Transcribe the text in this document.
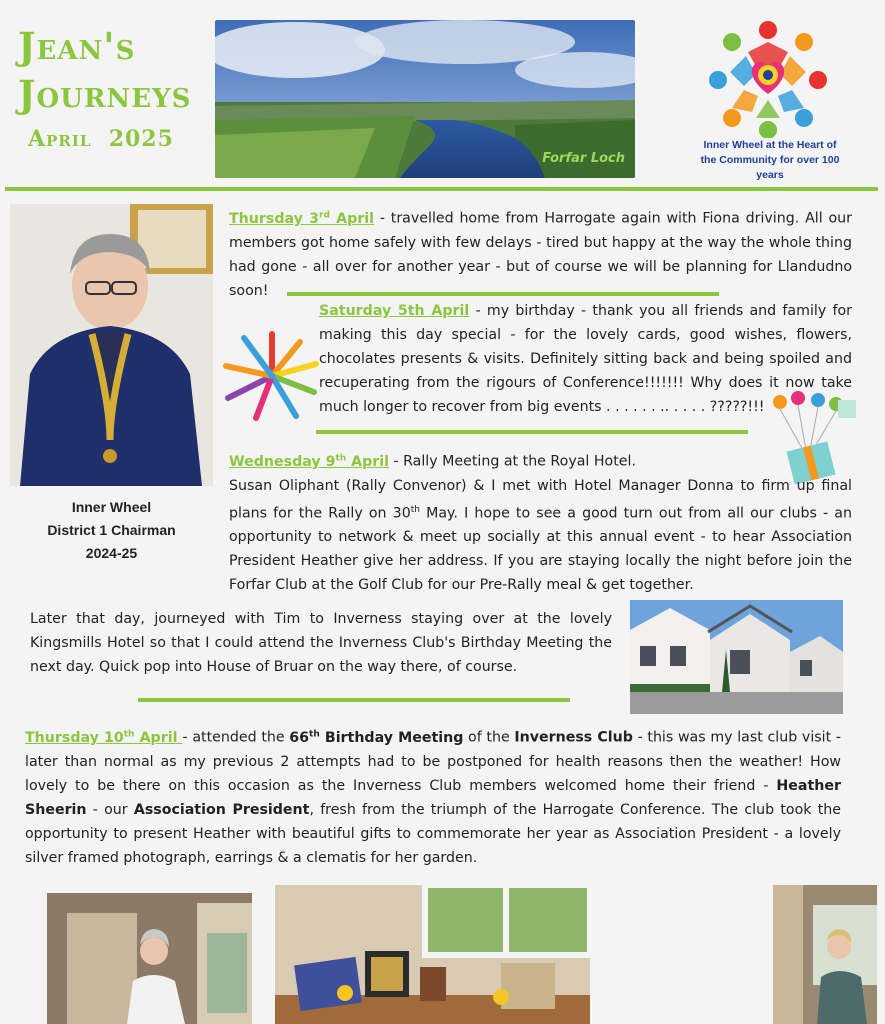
Jean's
Journeys
April  2025
Forfar Loch
Inner Wheel at the Heart of
the Community for over 100 years
Inner Wheel
District 1 Chairman
2024-25
Thursday 3rd April - travelled home from Harrogate again with Fiona driving. All our members got home safely with few delays - tired but happy at the way the whole thing had gone - all over for another year - but of course we will be planning for Llandudno soon!
Saturday 5th April - my birthday - thank you all friends and family for making this day special - for the lovely cards, good wishes, flowers, chocolates presents & visits. Definitely sitting back and being spoiled and recuperating from the rigours of Conference!!!!!!! Why does it now take much longer to recover from big events . . . . . . .. . . . . ?????!!!
Wednesday 9th April - Rally Meeting at the Royal Hotel.
Susan Oliphant (Rally Convenor) & I met with Hotel Manager Donna to firm up final plans for the Rally on 30th May. I hope to see a good turn out from all our clubs - an opportunity to network & meet up socially at this annual event - to hear Association President Heather give her address. If you are staying locally the night before join the Forfar Club at the Golf Club for our Pre-Rally meal & get together.
Later that day, journeyed with Tim to Inverness staying over at the lovely Kingsmills Hotel so that I could attend the Inverness Club's Birthday Meeting the next day. Quick pop into House of Bruar on the way there, of course.
Thursday 10th April - attended the 66th Birthday Meeting of the Inverness Club - this was my last club visit - later than normal as my previous 2 attempts had to be postponed for health reasons then the weather! How lovely to be there on this occasion as the Inverness Club members welcomed home their friend - Heather Sheerin - our Association President, fresh from the triumph of the Harrogate Conference. The club took the opportunity to present Heather with beautiful gifts to commemorate her year as Association President - a lovely silver framed photograph, earrings & a clematis for her garden.
